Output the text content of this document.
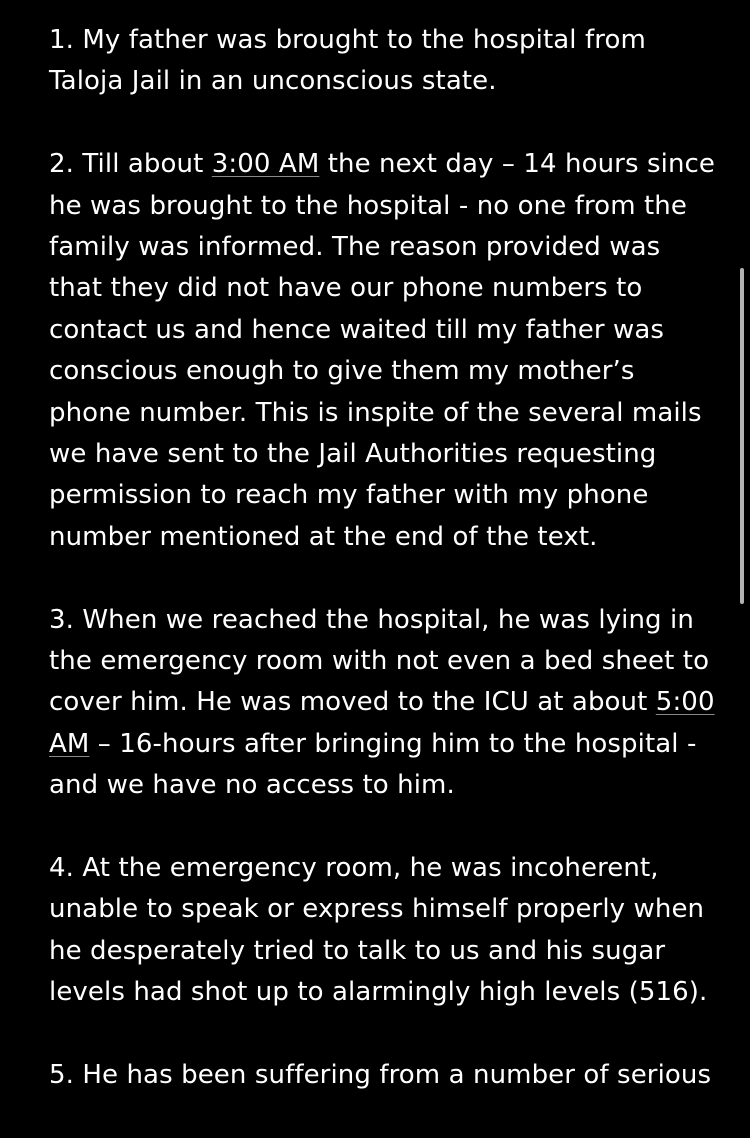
1. My father was brought to the hospital from Taloja Jail in an unconscious state.

2. Till about 3:00 AM the next day – 14 hours since he was brought to the hospital - no one from the family was informed. The reason provided was that they did not have our phone numbers to contact us and hence waited till my father was conscious enough to give them my mother’s phone number. This is inspite of the several mails we have sent to the Jail Authorities requesting permission to reach my father with my phone number mentioned at the end of the text.

3. When we reached the hospital, he was lying in the emergency room with not even a bed sheet to cover him. He was moved to the ICU at about 5:00 AM – 16-hours after bringing him to the hospital - and we have no access to him.

4. At the emergency room, he was incoherent, unable to speak or express himself properly when he desperately tried to talk to us and his sugar levels had shot up to alarmingly high levels (516).

5. He has been suffering from a number of serious
